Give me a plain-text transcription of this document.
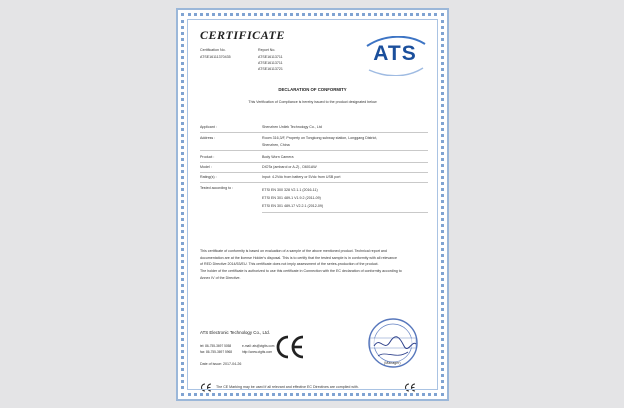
CERTIFICATE
Certification No.
ATSE16111370435
Report No.
ATSE16113711
ATSE16113711
ATSE16113721
ATS
DECLARATION OF CONFORMITY
This Verification of Compliance is hereby issued to the product designated below
Applicant :	Shenzhen Unilek Technology Co., Ltd
Address :	Room 316,3/F, Property on Tongkong subway station, Longgang District,
Shenzhen, China
Product :	Body Worn Camera
Model :	DIOTa (ambarol or A-Z) , D601AW
Rating(s) :	Input: 4.2Vdc from battery or 5Vdc from USB port
Tested according to :	ETSI EN 300 328 V2.1.1 (2016-11)
ETSI EN 301 489-1 V1.9.2 (2011-09)
ETSI EN 301 489-17 V2.2.1 (2012-09)
This certificate of conformity is based on evaluation of a sample of the above mentioned product. Technical report and
documentation are at the license Holder's disposal. This is to certify that the tested sample is in conformity with all relevance
of RED Directive 2014/53/EU. This certificate does not imply assessment of the series-production of the product.
The holder of the certificate is authorized to use this certificate in Connection with the EC declaration of conformity according to
Annex IV of the Directive.
ATS Electronic Technology Co., Ltd.
tel: 86-755-3697 5058	e-mail: ats@ctgtts.com
fax: 86-755-3697 5968	http://www.ctgtts.com
Date of issue: 2017-04-26	(Manager)
The CE Marking may be used if all relevant and effective EC Directives are complied with.
